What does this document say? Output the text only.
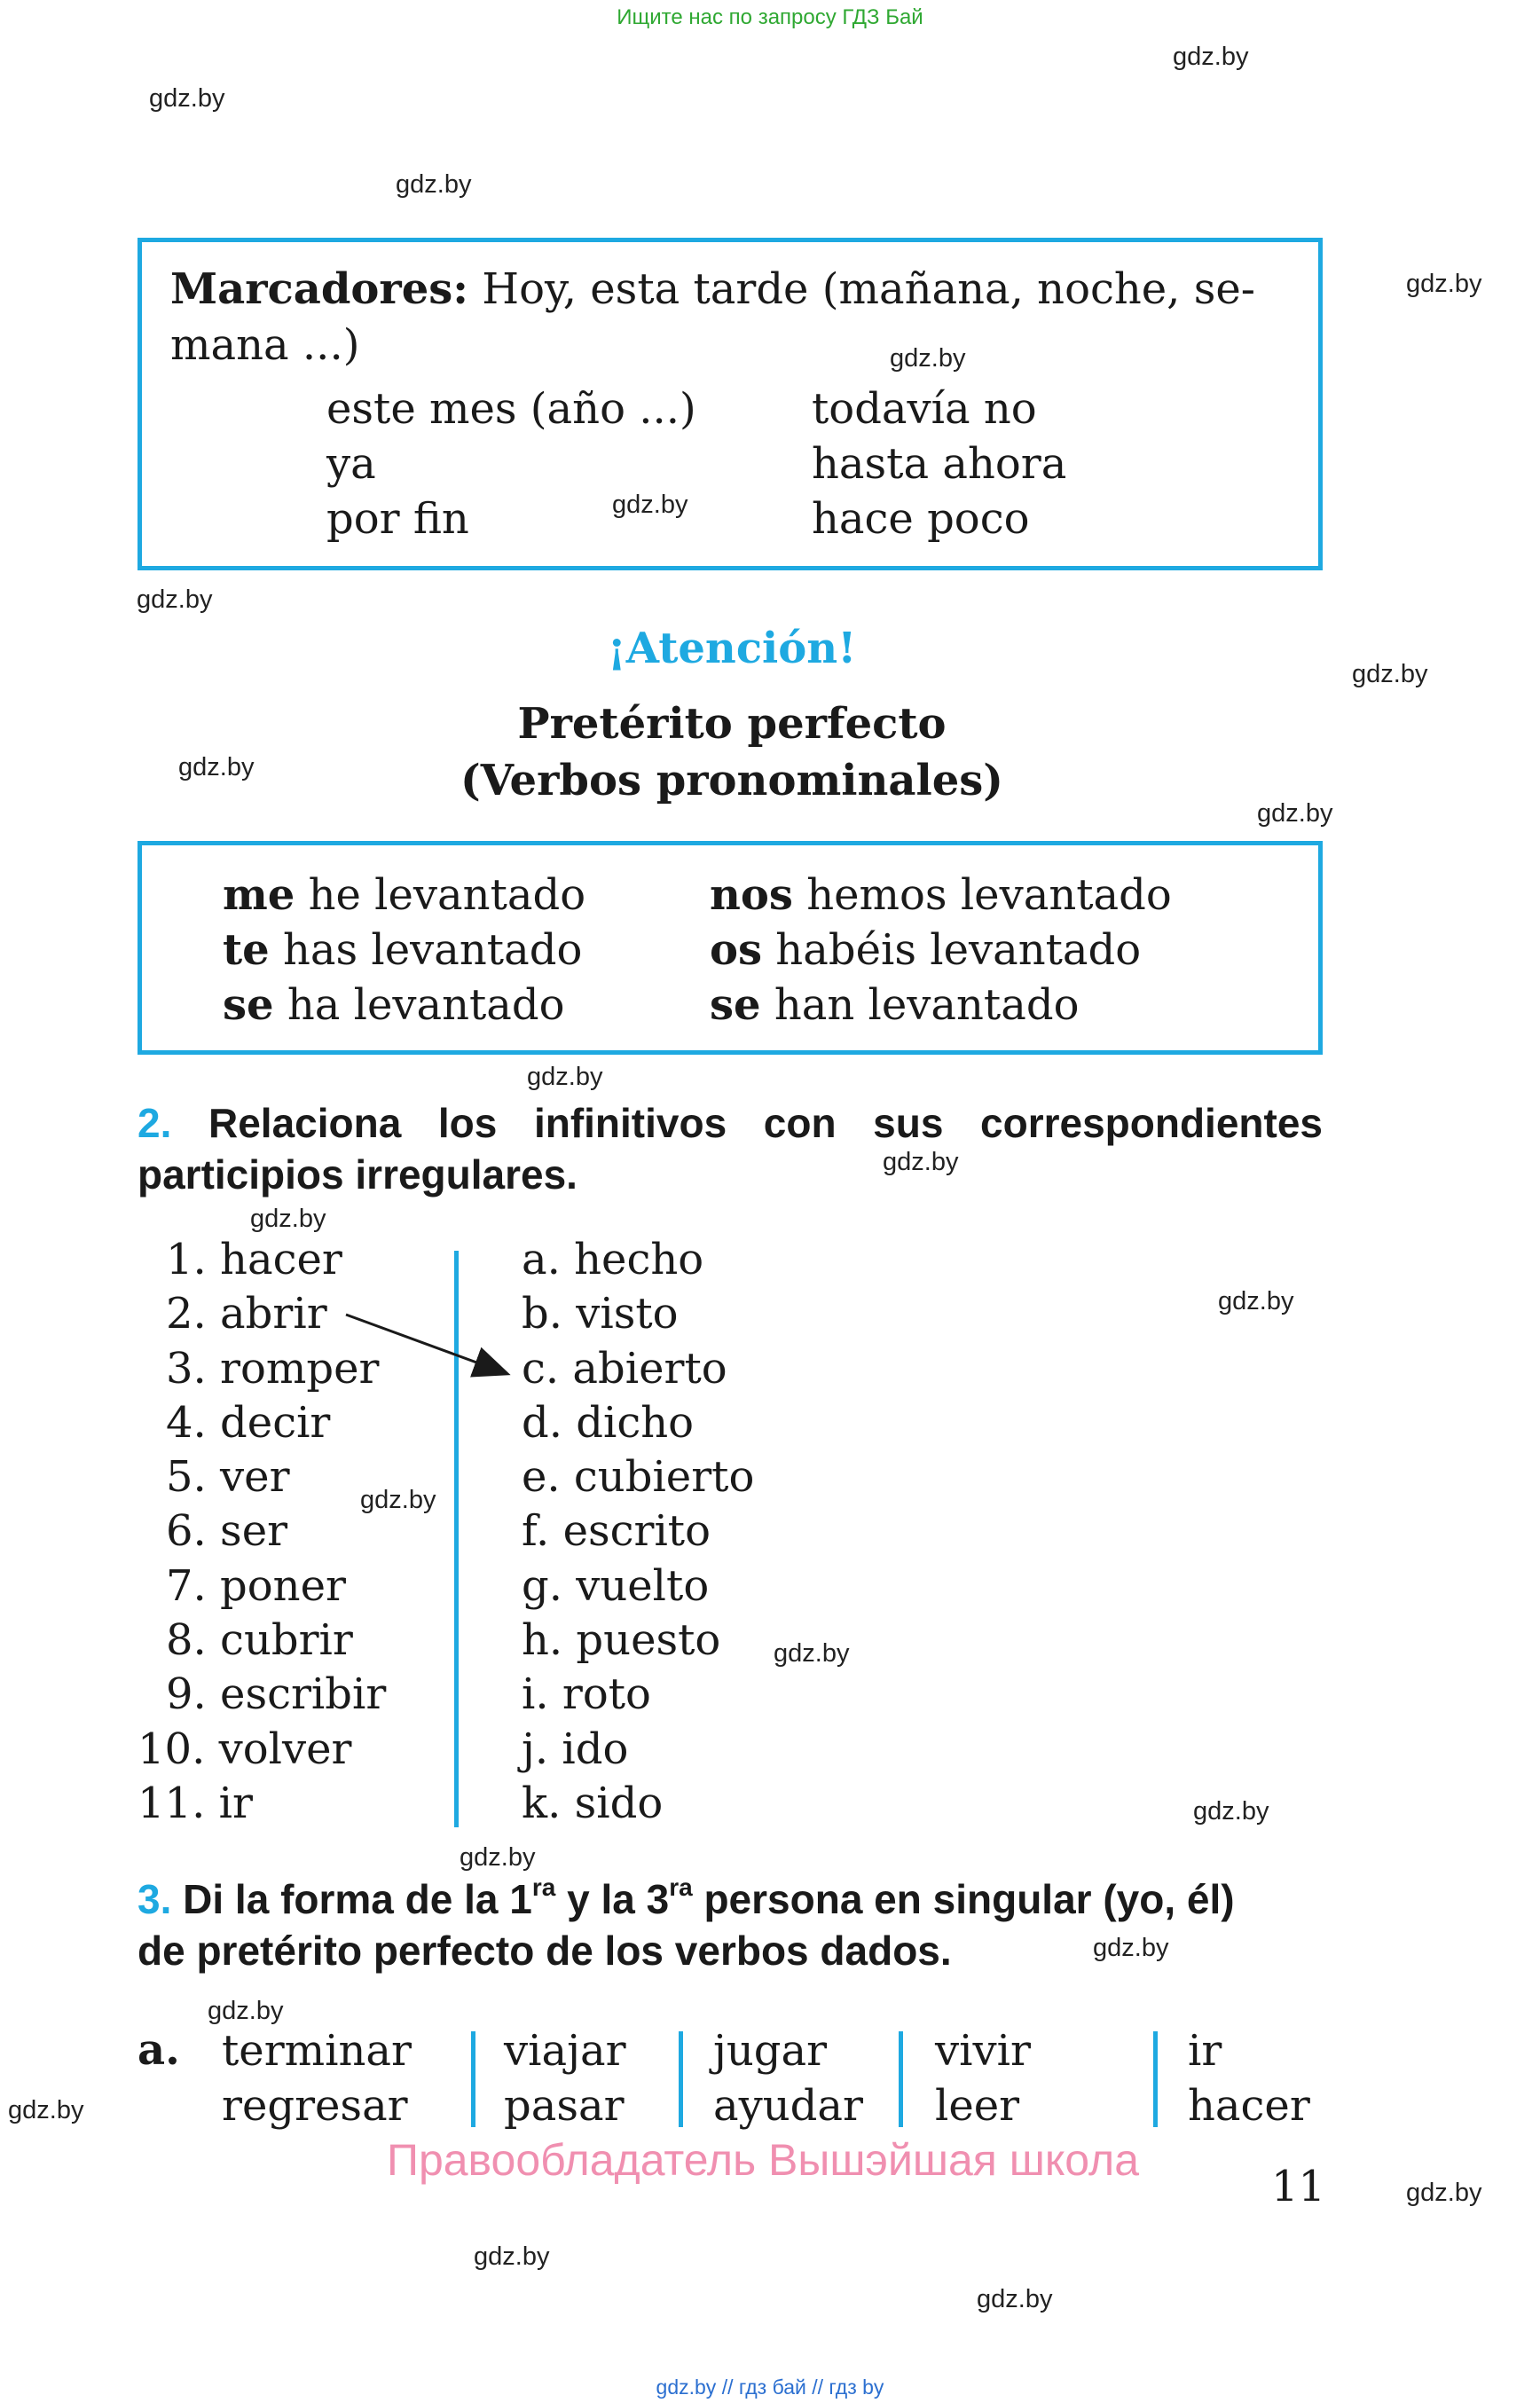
Ищите нас по запросу ГДЗ Бай
gdz.by // гдз бай // гдз by
gdz.by
gdz.by
gdz.by
gdz.by
gdz.by
gdz.by
gdz.by
gdz.by
gdz.by
gdz.by
gdz.by
gdz.by
gdz.by
gdz.by
gdz.by
gdz.by
gdz.by
gdz.by
gdz.by
gdz.by
gdz.by
gdz.by
gdz.by
gdz.by
Marcadores: Hoy, esta tarde (mañana, noche, se-
mana ...)
este mes (año ...)
ya
por fin
todavía no
hasta ahora
hace poco
¡Atención!
Pretérito perfecto
(Verbos pronominales)
me he levantado
te has levantado
se ha levantado
nos hemos levantado
os habéis levantado
se han levantado
2. Relaciona los infinitivos con sus correspondientes
participios irregulares.
1. hacer
2. abrir
3. romper
4. decir
5. ver
6. ser
7. poner
8. cubrir
9. escribir
10. volver
11. ir
a. hecho
b. visto
c. abierto
d. dicho
e. cubierto
f. escrito
g. vuelto
h. puesto
i. roto
j. ido
k. sido
3. Di la forma de la $1^{ra}$ y la $3^{ra}$ persona en singular (yo, él)
de pretérito perfecto de los verbos dados.
a. terminar
regresar
viajar
pasar
jugar
ayudar
vivir
leer
ir
hacer
Правообладатель Вышэйшая школа
11
